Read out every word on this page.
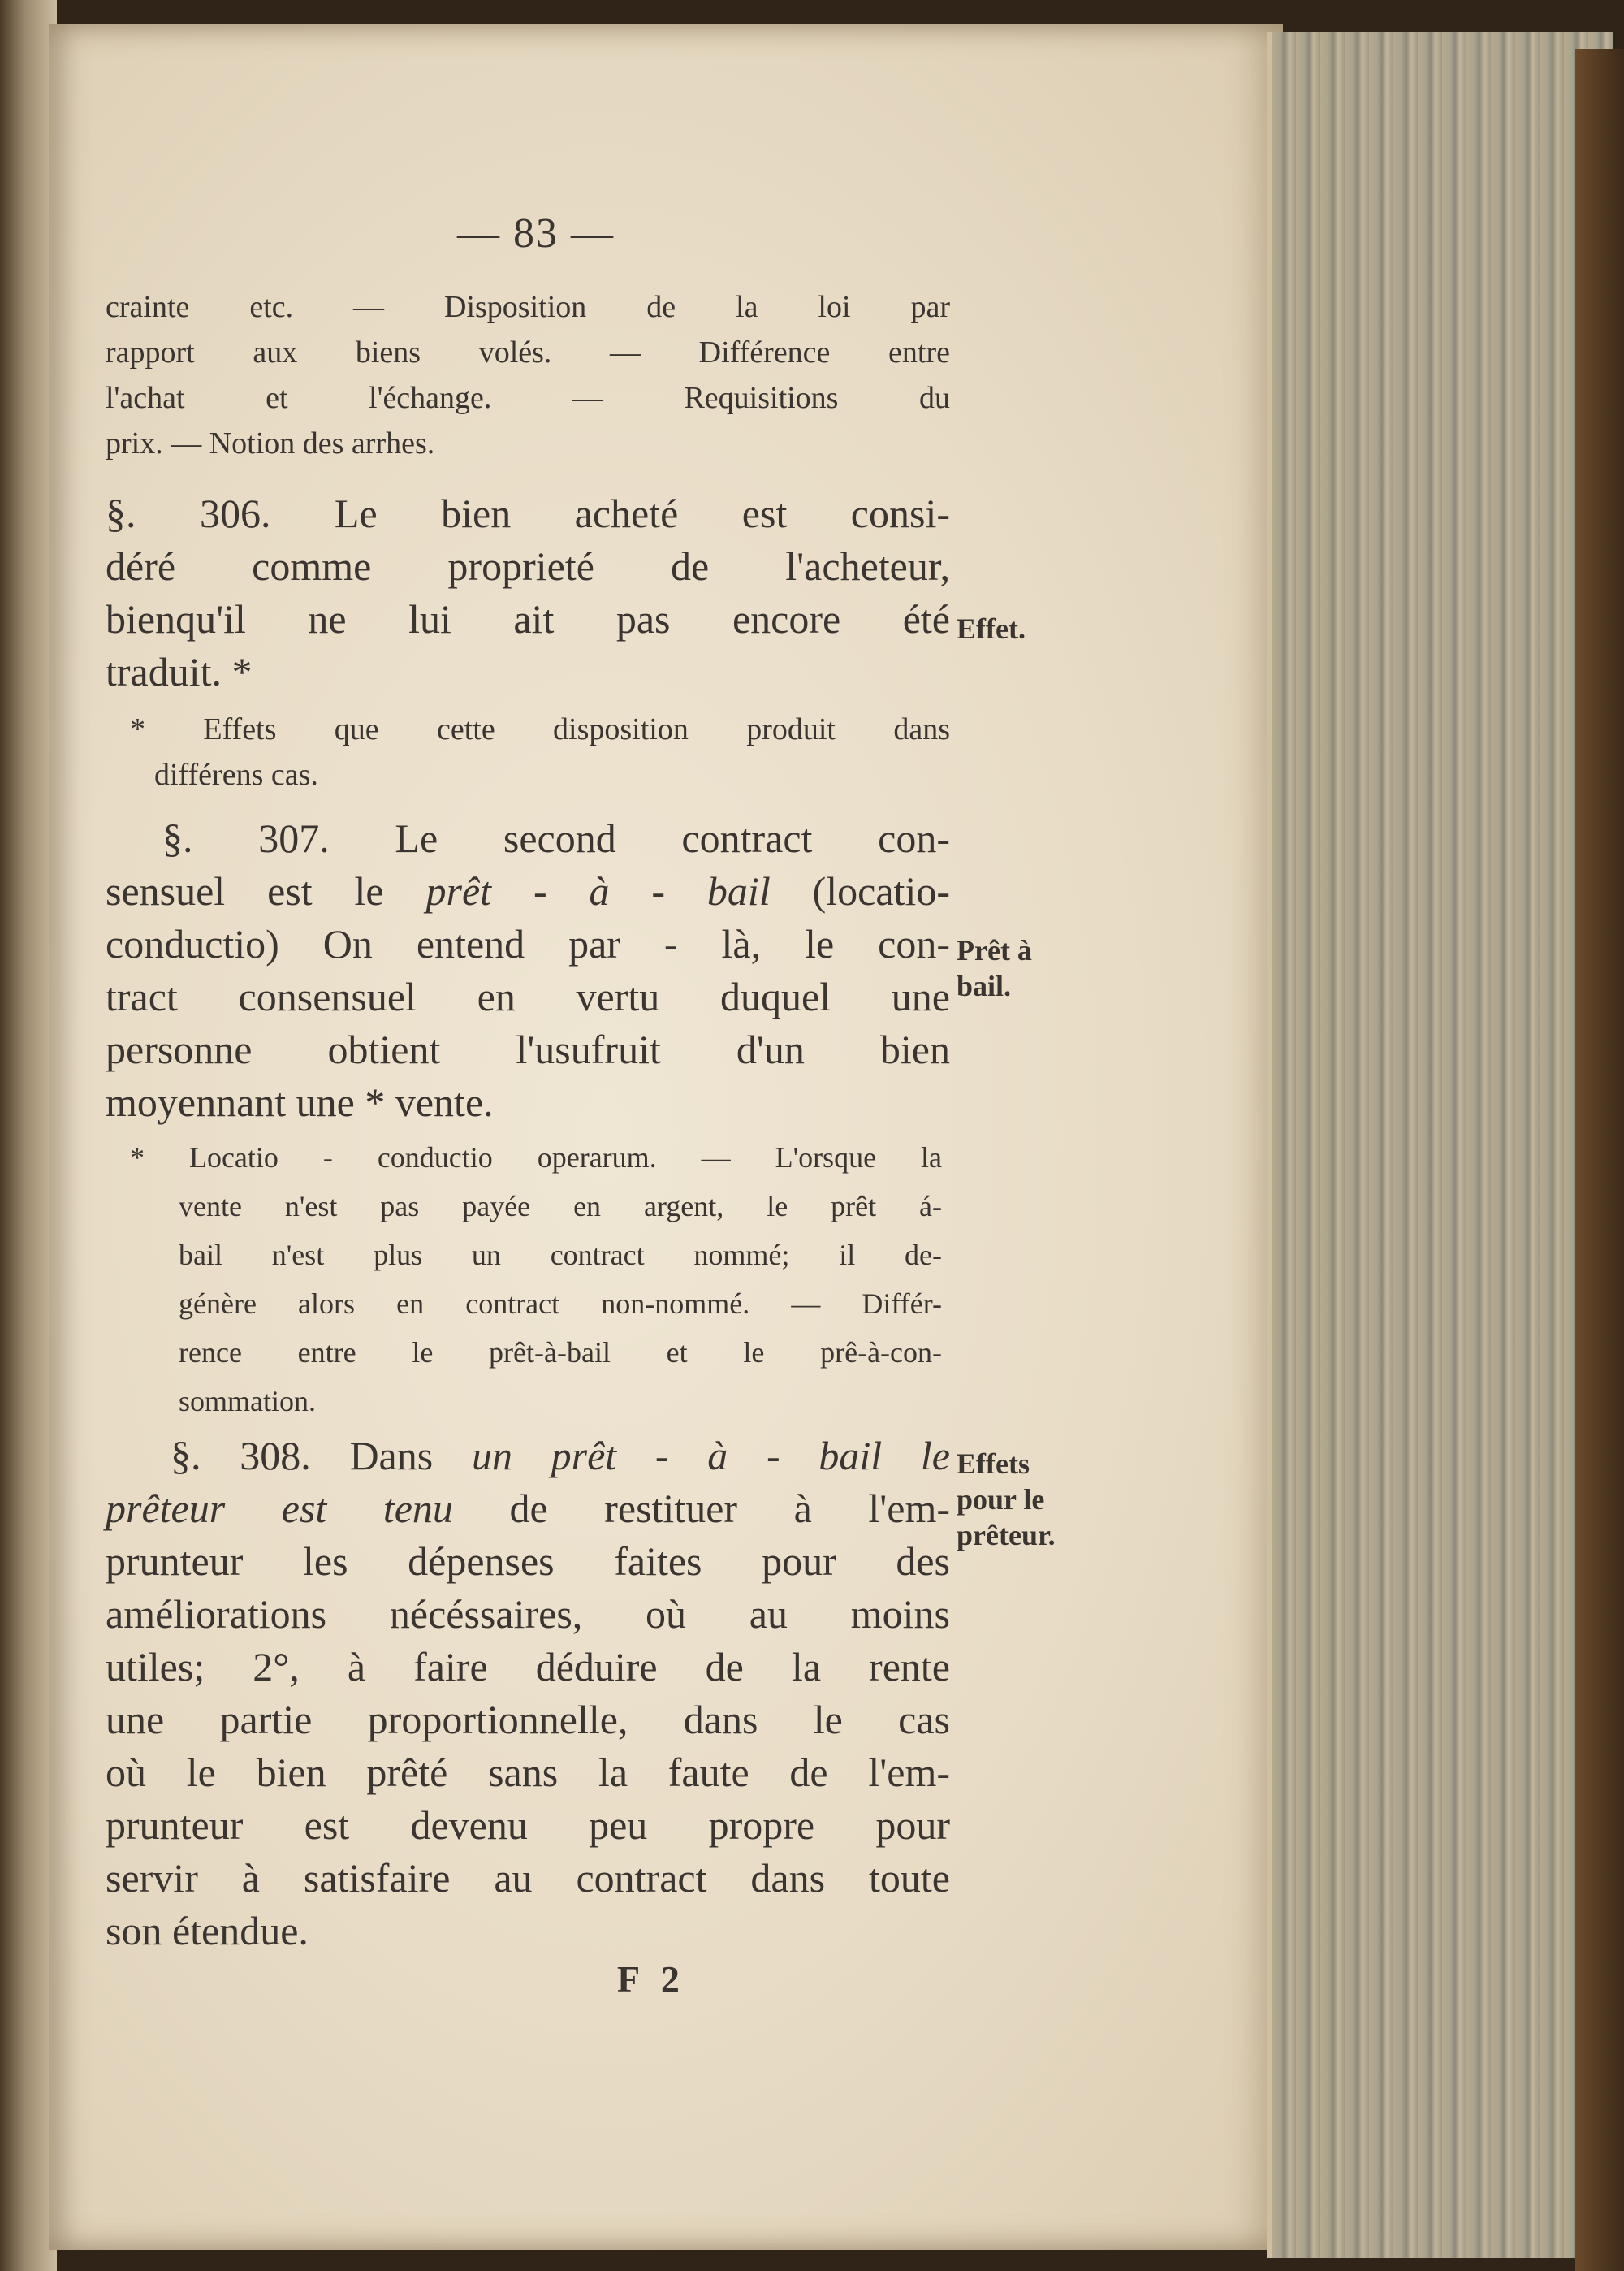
— 83 —
crainte etc. — Disposition de la loi par
rapport aux biens volés. — Différence entre
l'achat et l'échange. — Requisitions du
prix. — Notion des arrhes.
§. 306. Le bien acheté est consi-
déré comme proprieté de l'acheteur,
bienqu'il ne lui ait pas encore été
traduit. *
Effet.
* Effets que cette disposition produit dans
différens cas.
§. 307. Le second contract con-
sensuel est le prêt - à - bail (locatio-
conductio) On entend par - là, le con-
tract consensuel en vertu duquel une
personne obtient l'usufruit d'un bien
moyennant une * vente.
Prêt à
bail.
* Locatio - conductio operarum. — L'orsque la
vente n'est pas payée en argent, le prêt á-
bail n'est plus un contract nommé; il de-
génère alors en contract non-nommé. — Différ-
rence entre le prêt-à-bail et le prê-à-con-
sommation.
§. 308. Dans un prêt - à - bail le
prêteur est tenu de restituer à l'em-
prunteur les dépenses faites pour des
améliorations nécéssaires, où au moins
utiles; 2°, à faire déduire de la rente
une partie proportionnelle, dans le cas
où le bien prêté sans la faute de l'em-
prunteur est devenu peu propre pour
servir à satisfaire au contract dans toute
son étendue.
Effets
pour le
prêteur.
F 2
